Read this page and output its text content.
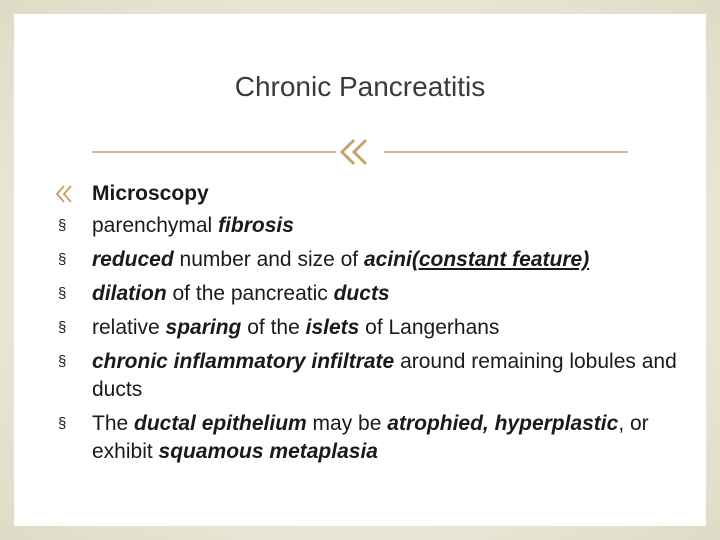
Chronic Pancreatitis
Microscopy
§ parenchymal fibrosis
§ reduced number and size of acini(constant feature)
§ dilation of the pancreatic ducts
§ relative sparing of the islets of Langerhans
§ chronic inflammatory infiltrate around remaining lobules and ducts
§ The ductal epithelium may be atrophied, hyperplastic, or exhibit squamous metaplasia
